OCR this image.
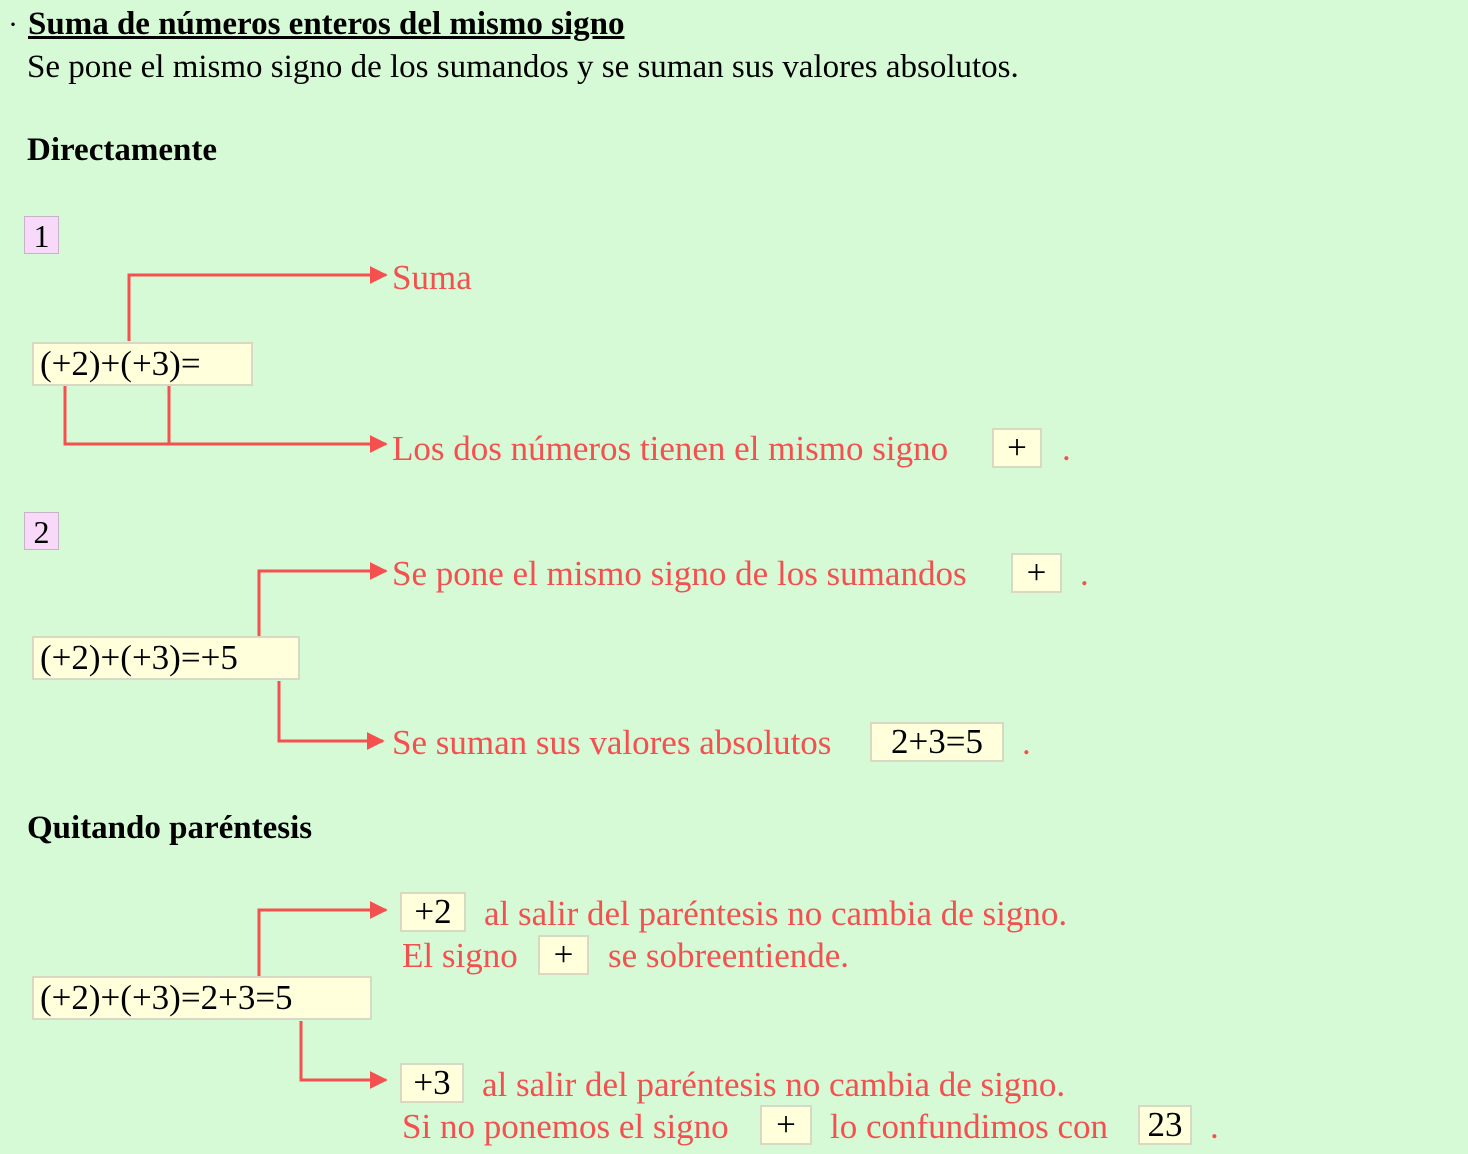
· Suma de números enteros del mismo signo
Se pone el mismo signo de los sumandos y se suman sus valores absolutos.
Directamente
1
Suma
(+2)+(+3)=
Los dos números tienen el mismo signo	+	.
2
Se pone el mismo signo de los sumandos	+ .
(+2)+(+3)=+5
Se suman sus valores absolutos	2+3=5	.
Quitando paréntesis
+2 al salir del paréntesis no cambia de signo.
El signo	+ se sobreentiende.
(+2)+(+3)=2+3=5
+3 al salir del paréntesis no cambia de signo.
Si no ponemos el signo	+ lo confundimos con 23 .
